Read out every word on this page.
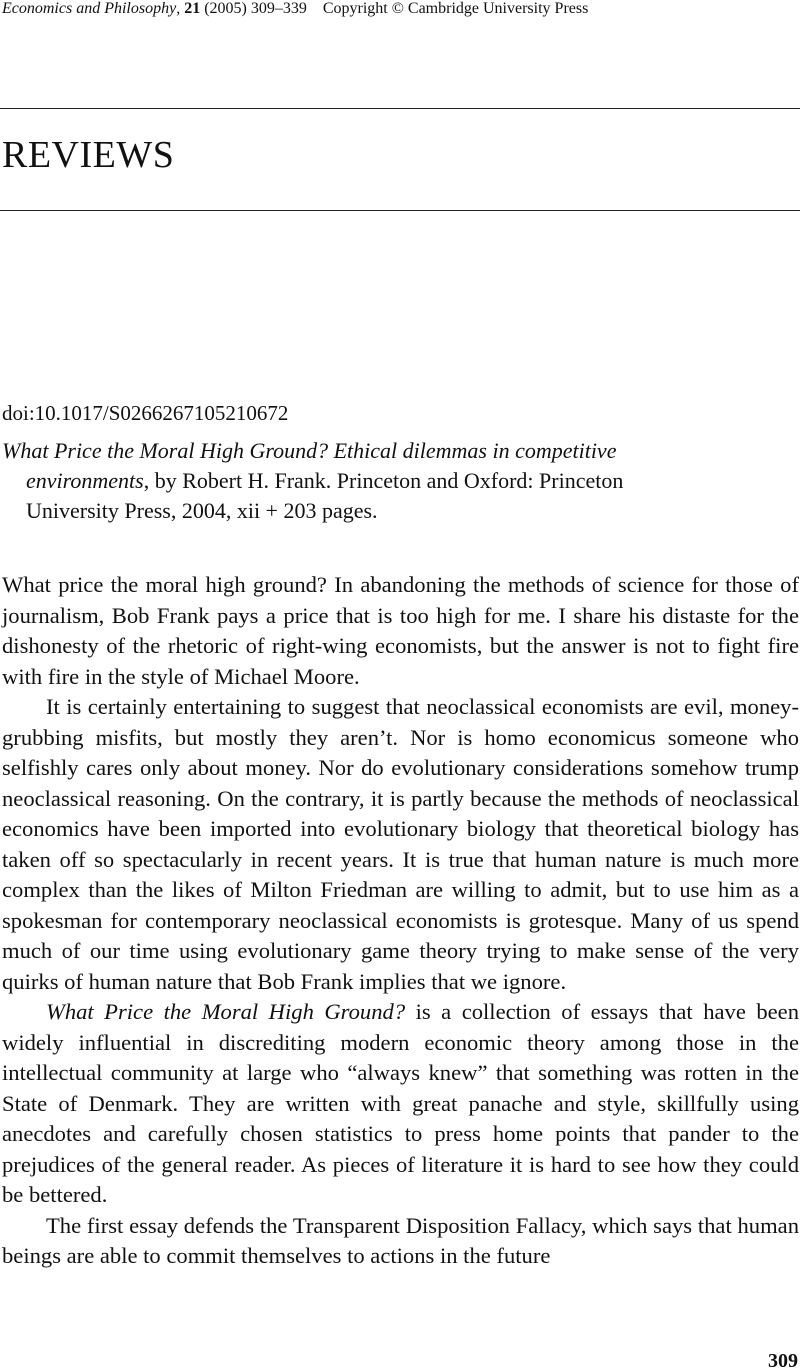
Economics and Philosophy, 21 (2005) 309–339 Copyright © Cambridge University Press
REVIEWS
doi:10.1017/S0266267105210672
What Price the Moral High Ground? Ethical dilemmas in competitive
environments, by Robert H. Frank. Princeton and Oxford: Princeton
University Press, 2004, xii + 203 pages.

What price the moral high ground? In abandoning the methods of science for those of journalism, Bob Frank pays a price that is too high for me. I share his distaste for the dishonesty of the rhetoric of right-wing economists, but the answer is not to fight fire with fire in the style of Michael Moore.

It is certainly entertaining to suggest that neoclassical economists are evil, money-grubbing misfits, but mostly they aren’t. Nor is homo economicus someone who selfishly cares only about money. Nor do evolutionary considerations somehow trump neoclassical reasoning. On the contrary, it is partly because the methods of neoclassical economics have been imported into evolutionary biology that theoretical biology has taken off so spectacularly in recent years. It is true that human nature is much more complex than the likes of Milton Friedman are willing to admit, but to use him as a spokesman for contemporary neoclassical economists is grotesque. Many of us spend much of our time using evolutionary game theory trying to make sense of the very quirks of human nature that Bob Frank implies that we ignore.

What Price the Moral High Ground? is a collection of essays that have been widely influential in discrediting modern economic theory among those in the intellectual community at large who “always knew” that something was rotten in the State of Denmark. They are written with great panache and style, skillfully using anecdotes and carefully chosen statistics to press home points that pander to the prejudices of the general reader. As pieces of literature it is hard to see how they could be bettered.

The first essay defends the Transparent Disposition Fallacy, which says that human beings are able to commit themselves to actions in the future

309
